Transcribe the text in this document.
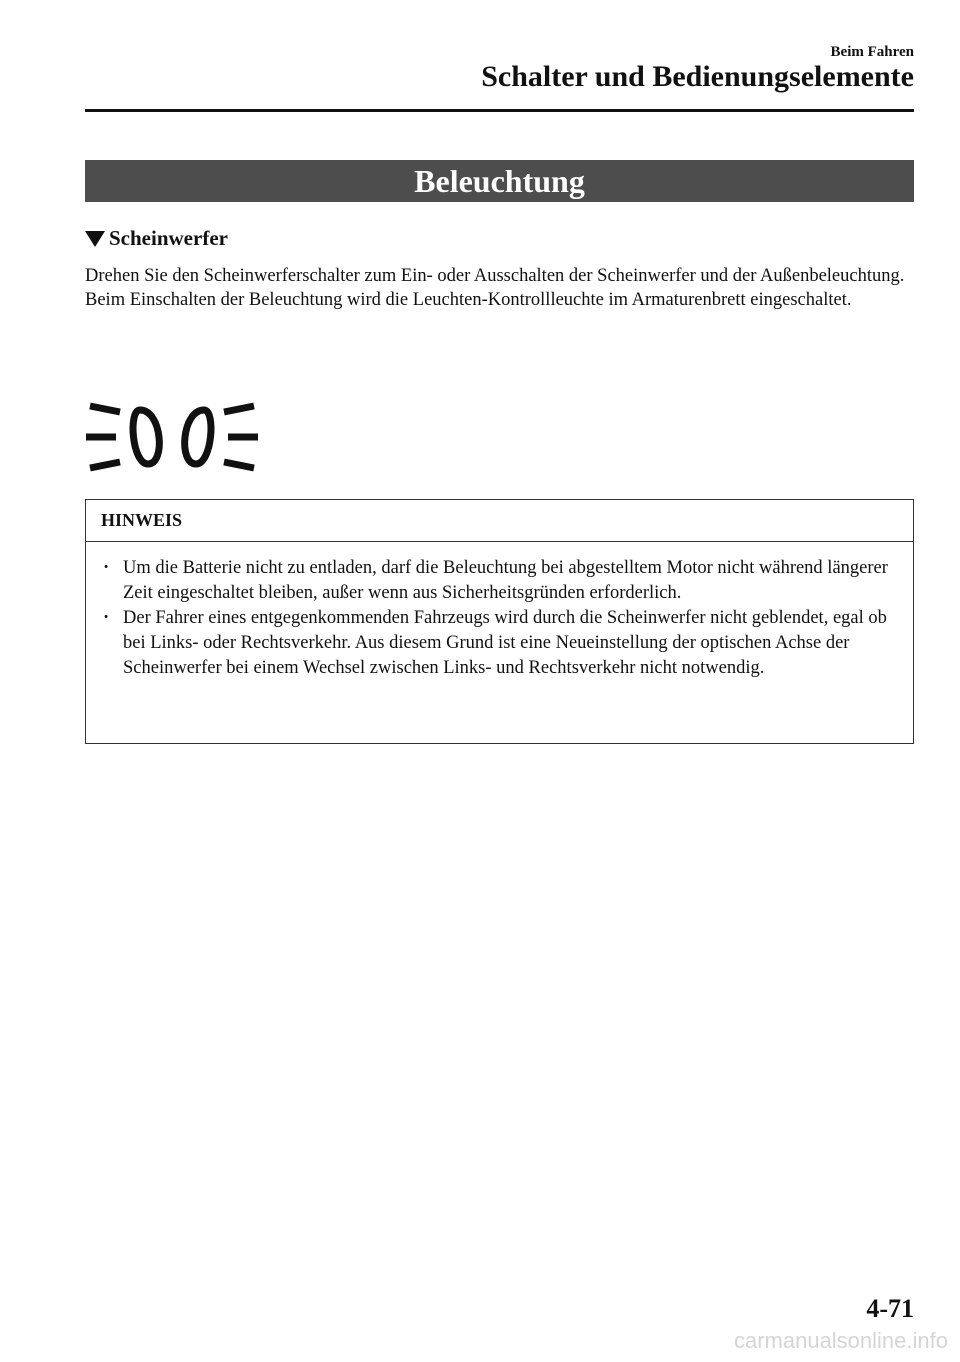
Beim Fahren
Schalter und Bedienungselemente
Beleuchtung
Scheinwerfer

Drehen Sie den Scheinwerferschalter zum Ein- oder Ausschalten der Scheinwerfer und der Außenbeleuchtung.

Beim Einschalten der Beleuchtung wird die Leuchten-Kontrollleuchte im Armaturenbrett eingeschaltet.

HINWEIS
· Um die Batterie nicht zu entladen, darf die Beleuchtung bei abgestelltem Motor nicht während längerer Zeit eingeschaltet bleiben, außer wenn aus Sicherheitsgründen erforderlich.
· Der Fahrer eines entgegenkommenden Fahrzeugs wird durch die Scheinwerfer nicht geblendet, egal ob bei Links- oder Rechtsverkehr. Aus diesem Grund ist eine Neueinstellung der optischen Achse der Scheinwerfer bei einem Wechsel zwischen Links- und Rechtsverkehr nicht notwendig.
4-71
carmanualsonline.info
